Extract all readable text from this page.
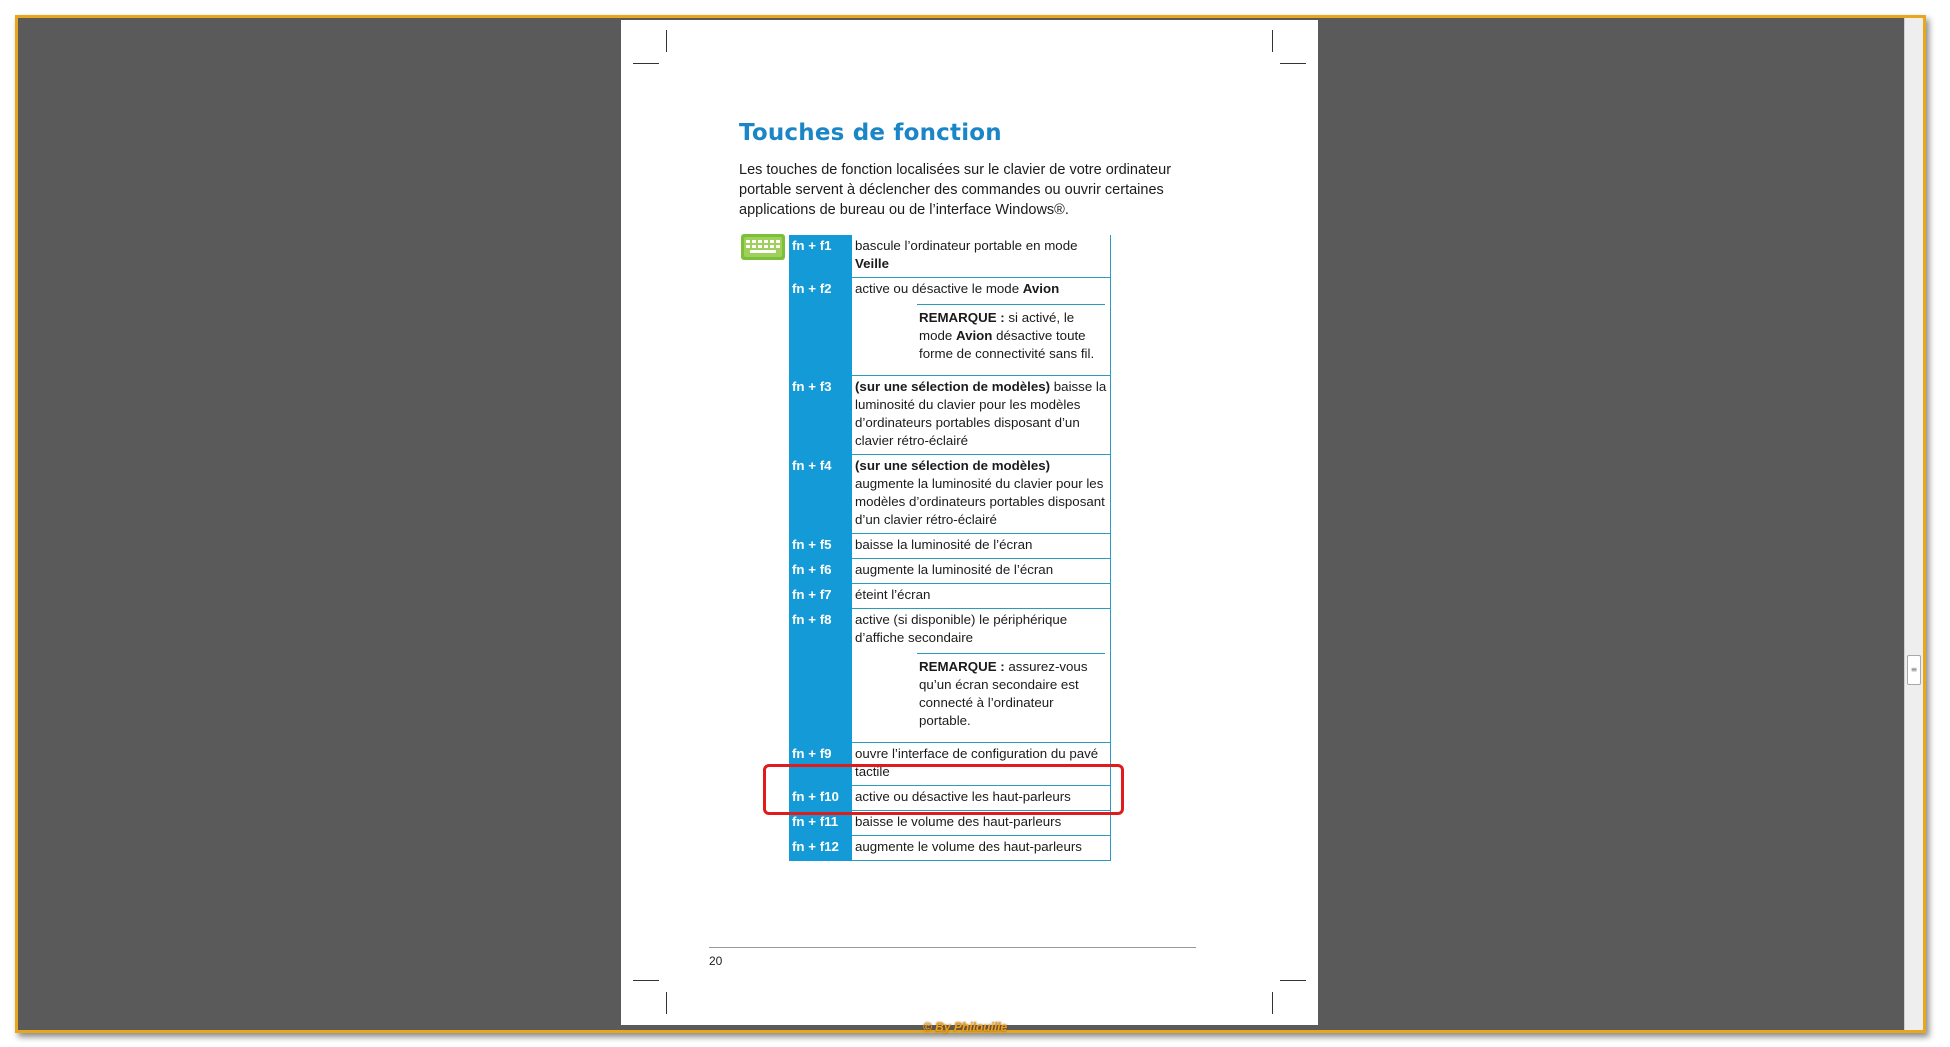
≡
Touches de fonction

Les touches de fonction localisées sur le clavier de votre ordinateur portable servent à déclencher des commandes ou ouvrir certaines applications de bureau ou de l’interface Windows®.

fn + f1	bascule l’ordinateur portable en mode Veille
fn + f2	active ou désactive le mode Avion
REMARQUE : si activé, le mode Avion désactive toute forme de connectivité sans fil.

fn + f3	(sur une sélection de modèles) baisse la luminosité du clavier pour les modèles d’ordinateurs portables disposant d’un clavier rétro-éclairé
fn + f4	(sur une sélection de modèles) augmente la luminosité du clavier pour les modèles d’ordinateurs portables disposant d’un clavier rétro-éclairé
fn + f5	baisse la luminosité de l’écran
fn + f6	augmente la luminosité de l’écran
fn + f7	éteint l’écran
fn + f8	active (si disponible) le périphérique d’affiche secondaire
REMARQUE : assurez-vous qu’un écran secondaire est connecté à l’ordinateur portable.

fn + f9	ouvre l’interface de configuration du pavé tactile
fn + f10	active ou désactive les haut-parleurs
fn + f11	baisse le volume des haut-parleurs
fn + f12	augmente le volume des haut-parleurs
20
© By Philouille
